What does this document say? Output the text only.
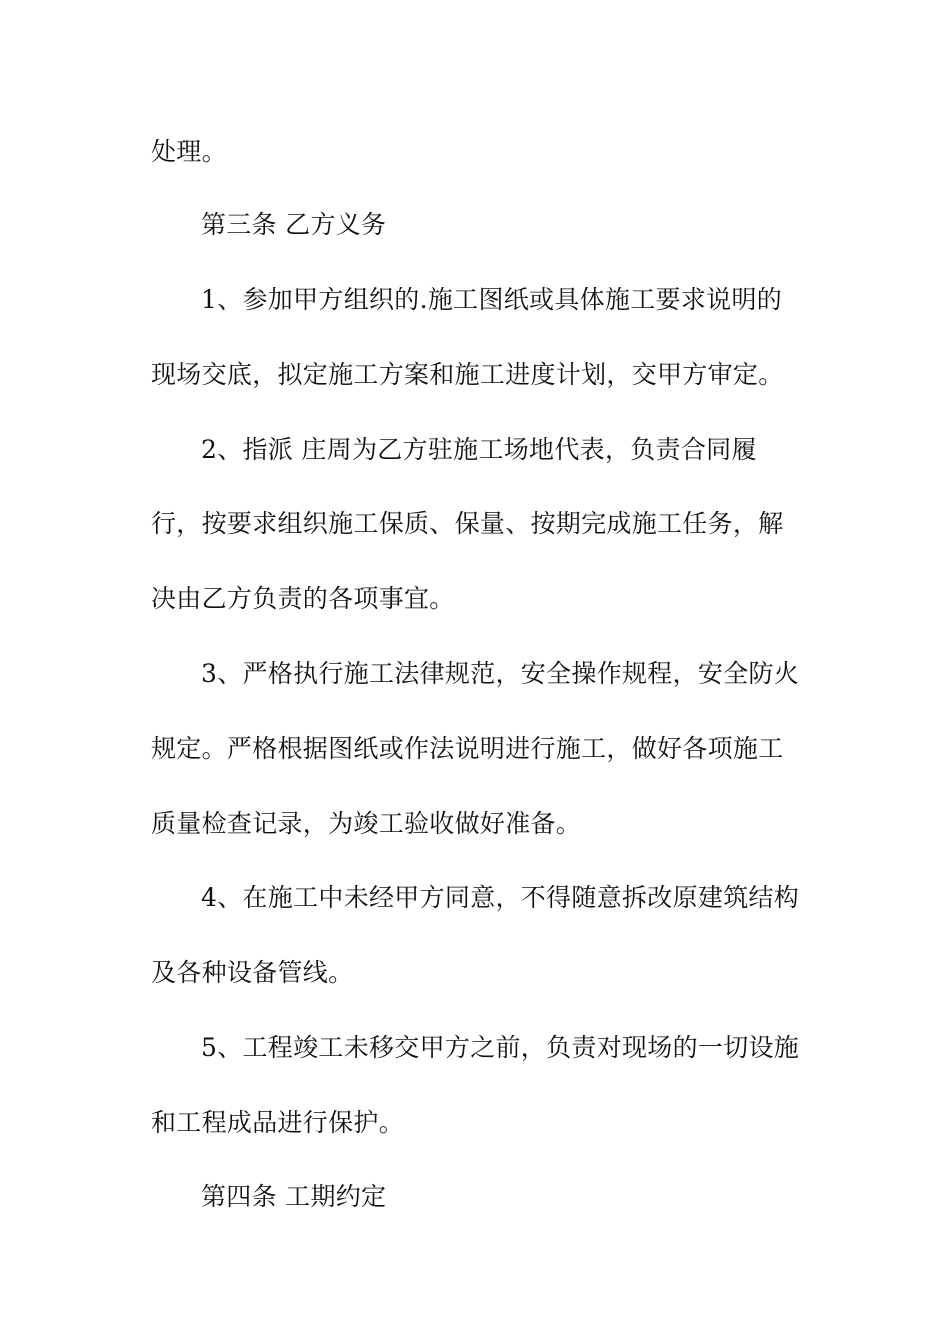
处理。
第三条 乙方义务
1、参加甲方组织的.施工图纸或具体施工要求说明的
现场交底，拟定施工方案和施工进度计划，交甲方审定。
2、指派 庄周为乙方驻施工场地代表，负责合同履
行，按要求组织施工保质、保量、按期完成施工任务，解
决由乙方负责的各项事宜。
3、严格执行施工法律规范，安全操作规程，安全防火
规定。严格根据图纸或作法说明进行施工，做好各项施工
质量检查记录，为竣工验收做好准备。
4、在施工中未经甲方同意，不得随意拆改原建筑结构
及各种设备管线。
5、工程竣工未移交甲方之前，负责对现场的一切设施
和工程成品进行保护。
第四条 工期约定
